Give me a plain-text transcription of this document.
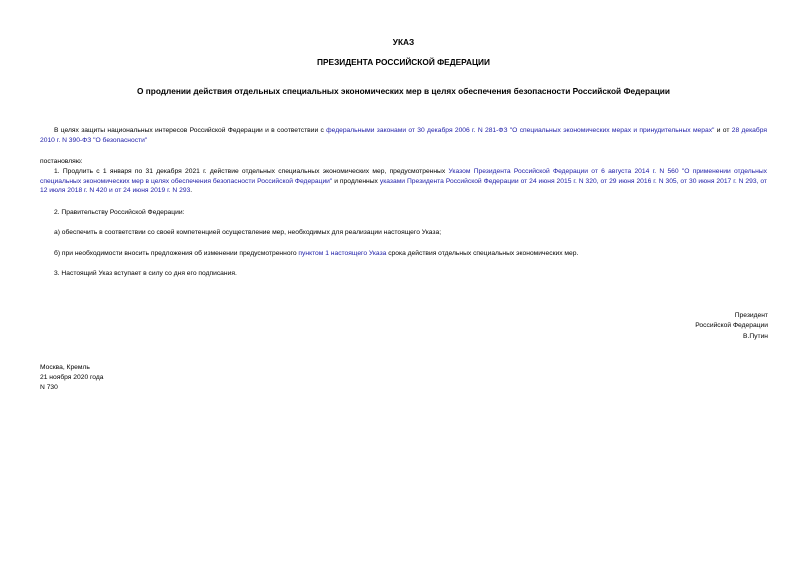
УКАЗ
ПРЕЗИДЕНТА РОССИЙСКОЙ ФЕДЕРАЦИИ
О продлении действия отдельных специальных экономических мер в целях обеспечения безопасности Российской Федерации
В целях защиты национальных интересов Российской Федерации и в соответствии с федеральными законами от 30 декабря 2006 г. N 281-ФЗ "О специальных экономических мерах и принудительных мерах" и от 28 декабря 2010 г. N 390-ФЗ "О безопасности"
постановляю:
1. Продлить с 1 января по 31 декабря 2021 г. действие отдельных специальных экономических мер, предусмотренных Указом Президента Российской Федерации от 6 августа 2014 г. N 560 "О применении отдельных специальных экономических мер в целях обеспечения безопасности Российской Федерации" и продленных указами Президента Российской Федерации от 24 июня 2015 г. N 320, от 29 июня 2016 г. N 305, от 30 июня 2017 г. N 293, от 12 июля 2018 г. N 420 и от 24 июня 2019 г. N 293.
2. Правительству Российской Федерации:
а) обеспечить в соответствии со своей компетенцией осуществление мер, необходимых для реализации настоящего Указа;
б) при необходимости вносить предложения об изменении предусмотренного пунктом 1 настоящего Указа срока действия отдельных специальных экономических мер.
3. Настоящий Указ вступает в силу со дня его подписания.
Президент
Российской Федерации
В.Путин
Москва, Кремль
21 ноября 2020 года
N 730
